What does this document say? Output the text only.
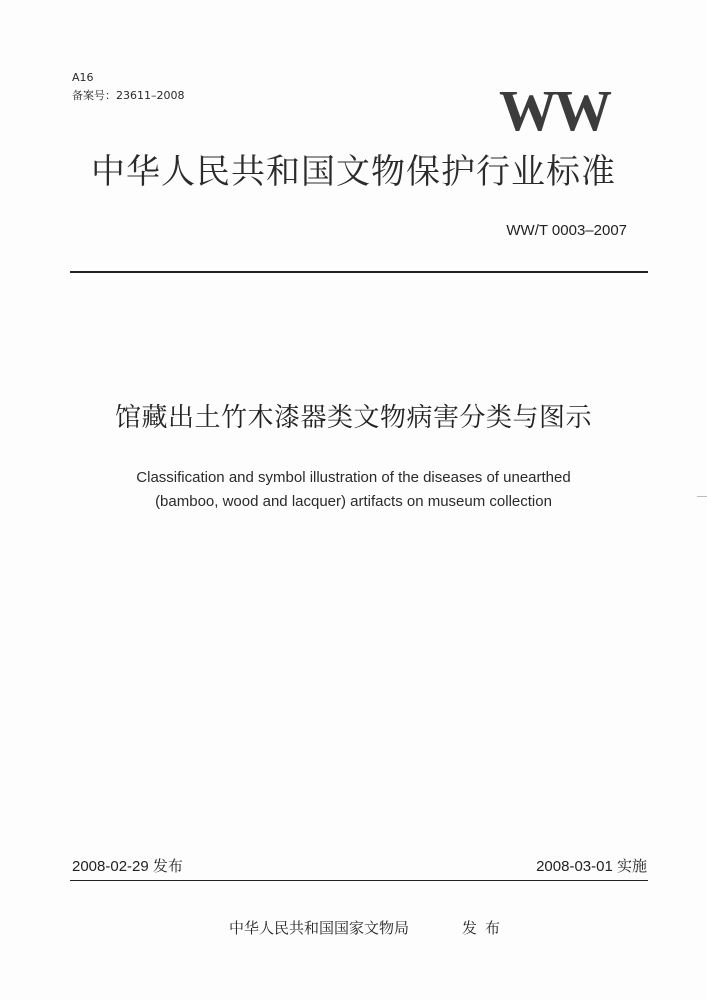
A16
备案号：23611–2008	WW
中华人民共和国文物保护行业标准
WW/T 0003–2007
馆藏出土竹木漆器类文物病害分类与图示
Classification and symbol illustration of the diseases of unearthed
(bamboo, wood and lacquer) artifacts on museum collection
2008-02-29 发布	2008-03-01 实施
中华人民共和国国家文物局	发布
